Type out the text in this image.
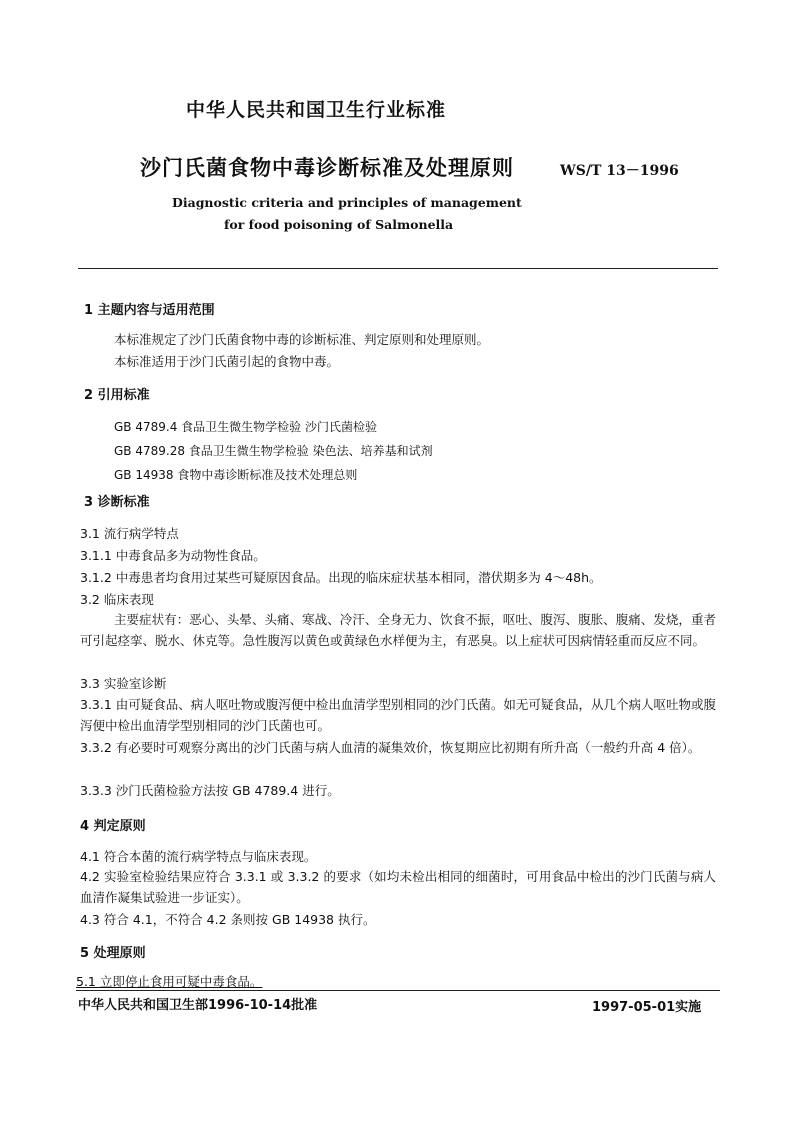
中华人民共和国卫生行业标准
沙门氏菌食物中毒诊断标准及处理原则	WS/T 13－1996
Diagnostic criteria and principles of management
for food poisoning of Salmonella
1 主题内容与适用范围
本标准规定了沙门氏菌食物中毒的诊断标准、判定原则和处理原则。
本标准适用于沙门氏菌引起的食物中毒。
2 引用标准
GB 4789.4 食品卫生微生物学检验 沙门氏菌检验
GB 4789.28 食品卫生微生物学检验 染色法、培养基和试剂
GB 14938 食物中毒诊断标准及技术处理总则
3 诊断标准
3.1 流行病学特点
3.1.1 中毒食品多为动物性食品。
3.1.2 中毒患者均食用过某些可疑原因食品。出现的临床症状基本相同，潜伏期多为 4～48h。
3.2 临床表现
主要症状有：恶心、头晕、头痛、寒战、冷汗、全身无力、饮食不振，呕吐、腹泻、腹胀、腹痛、发烧，重者可引起痉挛、脱水、休克等。急性腹泻以黄色或黄绿色水样便为主，有恶臭。以上症状可因病情轻重而反应不同。
3.3 实验室诊断
3.3.1 由可疑食品、病人呕吐物或腹泻便中检出血清学型别相同的沙门氏菌。如无可疑食品，从几个病人呕吐物或腹泻便中检出血清学型别相同的沙门氏菌也可。
3.3.2 有必要时可观察分离出的沙门氏菌与病人血清的凝集效价，恢复期应比初期有所升高（一般约升高 4 倍）。
3.3.3 沙门氏菌检验方法按 GB 4789.4 进行。
4 判定原则
4.1 符合本菌的流行病学特点与临床表现。
4.2 实验室检验结果应符合 3.3.1 或 3.3.2 的要求（如均未检出相同的细菌时，可用食品中检出的沙门氏菌与病人血清作凝集试验进一步证实）。
4.3 符合 4.1，不符合 4.2 条则按 GB 14938 执行。
5 处理原则
5.1 立即停止食用可疑中毒食品。
中华人民共和国卫生部1996-10-14批准	1997-05-01实施
